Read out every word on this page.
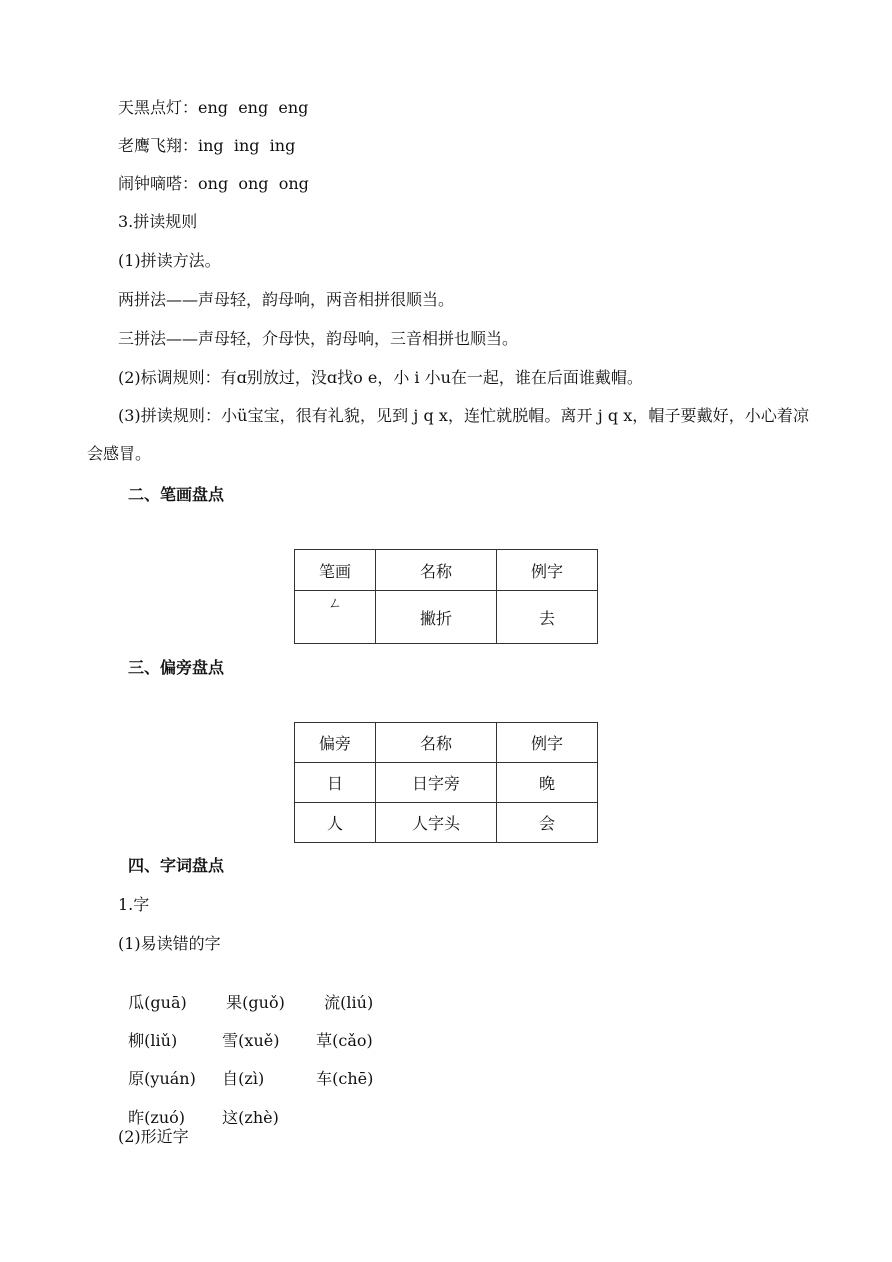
天黑点灯：eng  eng  eng
老鹰飞翔：ing  ing  ing
闹钟嘀嗒：ong  ong  ong
3.拼读规则
(1)拼读方法。
两拼法——声母轻，韵母响，两音相拼很顺当。
三拼法——声母轻，介母快，韵母响，三音相拼也顺当。
(2)标调规则：有ɑ别放过，没ɑ找o e，小 i 小u在一起，谁在后面谁戴帽。
(3)拼读规则：小ü宝宝，很有礼貌，见到 j q x，连忙就脱帽。离开 j q x，帽子要戴好，小心着凉会感冒。
二、笔画盘点
笔画	名称	例字
ㄥ	撇折	去
三、偏旁盘点
偏旁	名称	例字
日	日字旁	晚
人	人字头	会
四、字词盘点
1.字
(1)易读错的字

瓜(guā) 果(guǒ) 流(liú)

柳(liǔ)	雪(xuě) 草(cǎo)

原(yuán) 自(zì)	车(chē)

昨(zuó) 这(zhè)

(2)形近字
